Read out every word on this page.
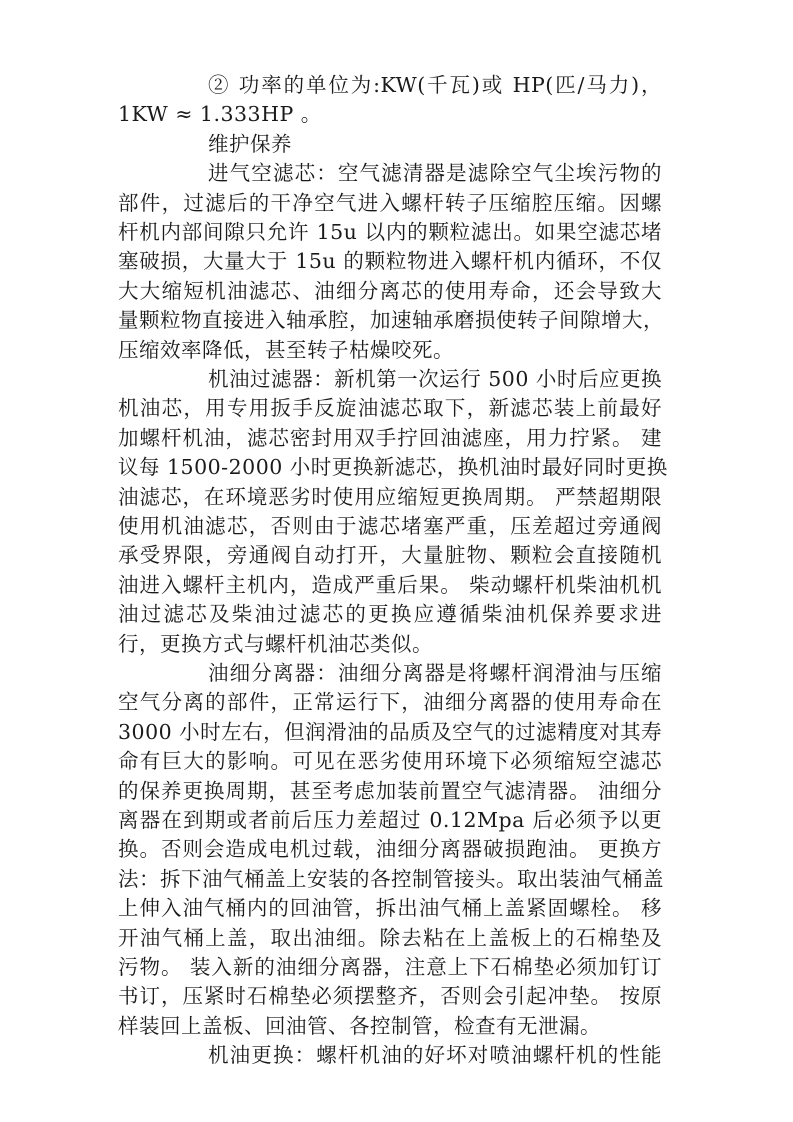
② 功率的单位为:KW(千瓦)或 HP(匹/马力)，
1KW ≈ 1.333HP 。
维护保养
进气空滤芯：空气滤清器是滤除空气尘埃污物的
部件，过滤后的干净空气进入螺杆转子压缩腔压缩。因螺
杆机内部间隙只允许 15u 以内的颗粒滤出。如果空滤芯堵
塞破损，大量大于 15u 的颗粒物进入螺杆机内循环，不仅
大大缩短机油滤芯、油细分离芯的使用寿命，还会导致大
量颗粒物直接进入轴承腔，加速轴承磨损使转子间隙增大，
压缩效率降低，甚至转子枯燥咬死。
机油过滤器：新机第一次运行 500 小时后应更换
机油芯，用专用扳手反旋油滤芯取下，新滤芯装上前最好
加螺杆机油，滤芯密封用双手拧回油滤座，用力拧紧。 建
议每 1500-2000 小时更换新滤芯，换机油时最好同时更换
油滤芯，在环境恶劣时使用应缩短更换周期。 严禁超期限
使用机油滤芯，否则由于滤芯堵塞严重，压差超过旁通阀
承受界限，旁通阀自动打开，大量脏物、颗粒会直接随机
油进入螺杆主机内，造成严重后果。 柴动螺杆机柴油机机
油过滤芯及柴油过滤芯的更换应遵循柴油机保养要求进
行，更换方式与螺杆机油芯类似。
油细分离器：油细分离器是将螺杆润滑油与压缩
空气分离的部件，正常运行下，油细分离器的使用寿命在
3000 小时左右，但润滑油的品质及空气的过滤精度对其寿
命有巨大的影响。可见在恶劣使用环境下必须缩短空滤芯
的保养更换周期，甚至考虑加装前置空气滤清器。 油细分
离器在到期或者前后压力差超过 0.12Mpa 后必须予以更
换。否则会造成电机过载，油细分离器破损跑油。 更换方
法：拆下油气桶盖上安装的各控制管接头。取出装油气桶盖
上伸入油气桶内的回油管，拆出油气桶上盖紧固螺栓。 移
开油气桶上盖，取出油细。除去粘在上盖板上的石棉垫及
污物。 装入新的油细分离器，注意上下石棉垫必须加钉订
书订，压紧时石棉垫必须摆整齐，否则会引起冲垫。 按原
样装回上盖板、回油管、各控制管，检查有无泄漏。
机油更换：螺杆机油的好坏对喷油螺杆机的性能
